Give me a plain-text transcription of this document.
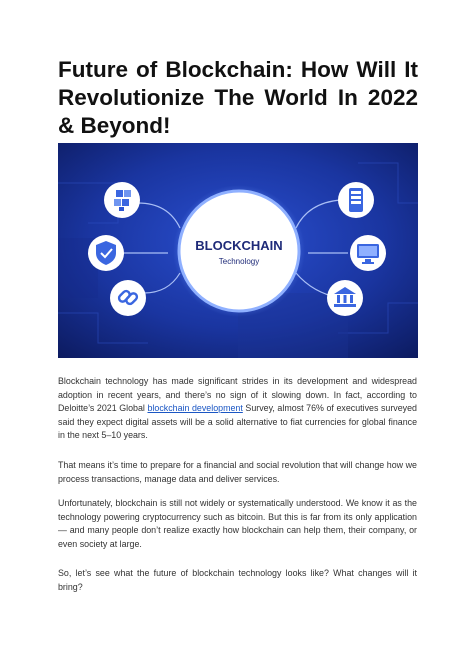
Future of Blockchain: How Will It Revolutionize The World In 2022 & Beyond!
BLOCKCHAIN
Technology

Blockchain technology has made significant strides in its development and widespread adoption in recent years, and there’s no sign of it slowing down. In fact, according to Deloitte’s 2021 Global blockchain development Survey, almost 76% of executives surveyed said they expect digital assets will be a solid alternative to fiat currencies for global finance in the next 5–10 years.

That means it’s time to prepare for a financial and social revolution that will change how we process transactions, manage data and deliver services.

Unfortunately, blockchain is still not widely or systematically understood. We know it as the technology powering cryptocurrency such as bitcoin. But this is far from its only application — and many people don’t realize exactly how blockchain can help them, their company, or even society at large.

So, let’s see what the future of blockchain technology looks like? What changes will it bring?
